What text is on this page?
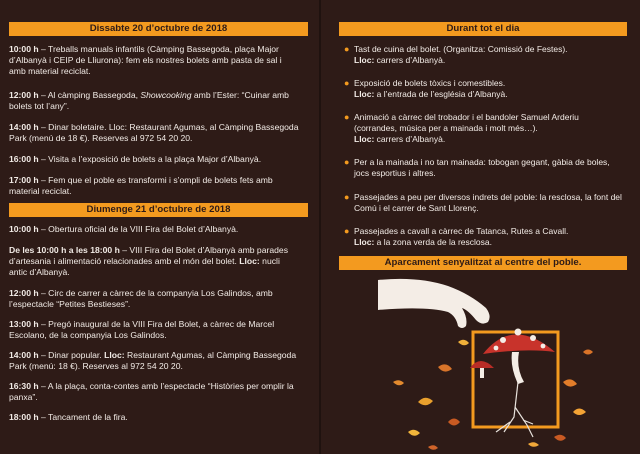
Dissabte 20 d’octubre de 2018
10:00 h – Treballs manuals infantils (Càmping Bassegoda, plaça Major d’Albanyà i CEIP de Lliurona): fem els nostres bolets amb pasta de sal i amb material reciclat.
12:00 h – Al càmping Bassegoda, Showcooking amb l’Ester: “Cuinar amb bolets tot l’any”.
14:00 h – Dinar boletaire. Lloc: Restaurant Agumas, al Càmping Bassegoda Park (menú de 18 €). Reserves al 972 54 20 20.
16:00 h – Visita a l’exposició de bolets a la plaça Major d’Albanyà.
17:00 h – Fem que el poble es transformi i s’ompli de bolets fets amb material reciclat.
Diumenge 21 d’octubre de 2018
10:00 h – Obertura oficial de la VIII Fira del Bolet d’Albanyà.
De les 10:00 h a les 18:00 h – VIII Fira del Bolet d’Albanyà amb parades d’artesania i alimentació relacionades amb el món del bolet. Lloc: nucli antic d’Albanyà.
12:00 h – Circ de carrer a càrrec de la companyia Los Galindos, amb l’espectacle “Petites Bestieses”.
13:00 h – Pregó inaugural de la VIII Fira del Bolet, a càrrec de Marcel Escolano, de la companyia Los Galindos.
14:00 h – Dinar popular. Lloc: Restaurant Agumas, al Càmping Bassegoda Park (menú: 18 €). Reserves al 972 54 20 20.
16:30 h – A la plaça, conta-contes amb l’espectacle “Històries per omplir la panxa”.
18:00 h – Tancament de la fira.
Durant tot el dia
● Tast de cuina del bolet. (Organitza: Comissió de Festes).
Lloc: carrers d’Albanyà.
● Exposició de bolets tòxics i comestibles.
Lloc: a l’entrada de l’església d’Albanyà.
● Animació a càrrec del trobador i el bandoler Samuel Arderiu (corrandes, música per a mainada i molt més…).
Lloc: carrers d’Albanyà.
● Per a la mainada i no tan mainada: tobogan gegant, gàbia de boles, jocs esportius i altres.
● Passejades a peu per diversos indrets del poble: la resclosa, la font del Comú i el carrer de Sant Llorenç.
● Passejades a cavall a càrrec de Tatanca, Rutes a Cavall.
Lloc: a la zona verda de la resclosa.
Aparcament senyalitzat al centre del poble.
